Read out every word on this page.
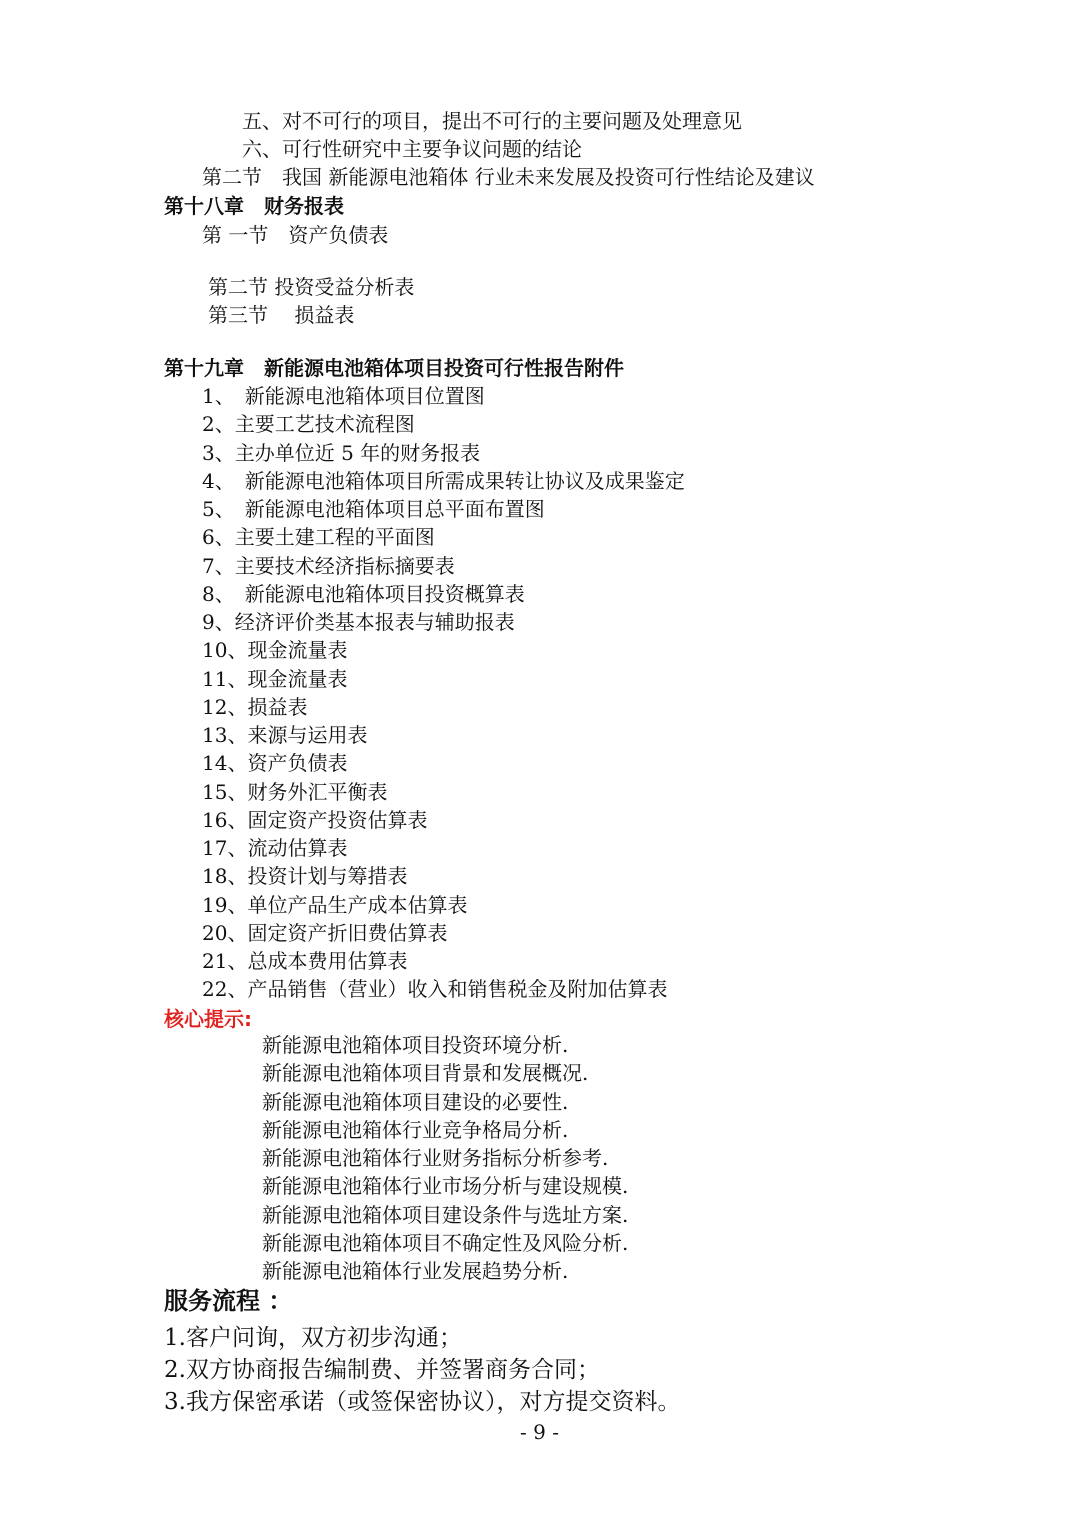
五、对不可行的项目，提出不可行的主要问题及处理意见
六、可行性研究中主要争议问题的结论
第二节　我国 新能源电池箱体 行业未来发展及投资可行性结论及建议
第十八章　财务报表
第 一节　资产负债表
第二节 投资受益分析表
第三节　 损益表
第十九章　新能源电池箱体项目投资可行性报告附件
1、　新能源电池箱体项目位置图
2、主要工艺技术流程图
3、主办单位近 5 年的财务报表
4、　新能源电池箱体项目所需成果转让协议及成果鉴定
5、　新能源电池箱体项目总平面布置图
6、主要土建工程的平面图
7、主要技术经济指标摘要表
8、　新能源电池箱体项目投资概算表
9、经济评价类基本报表与辅助报表
10、现金流量表
11、现金流量表
12、损益表
13、来源与运用表
14、资产负债表
15、财务外汇平衡表
16、固定资产投资估算表
17、流动估算表
18、投资计划与筹措表
19、单位产品生产成本估算表
20、固定资产折旧费估算表
21、总成本费用估算表
22、产品销售（营业）收入和销售税金及附加估算表
核心提示:
新能源电池箱体项目投资环境分析.
新能源电池箱体项目背景和发展概况.
新能源电池箱体项目建设的必要性.
新能源电池箱体行业竞争格局分析.
新能源电池箱体行业财务指标分析参考.
新能源电池箱体行业市场分析与建设规模.
新能源电池箱体项目建设条件与选址方案.
新能源电池箱体项目不确定性及风险分析.
新能源电池箱体行业发展趋势分析.
服务流程 ：
1.客户问询，双方初步沟通；
2.双方协商报告编制费、并签署商务合同；
3.我方保密承诺（或签保密协议），对方提交资料。
- 9 -
